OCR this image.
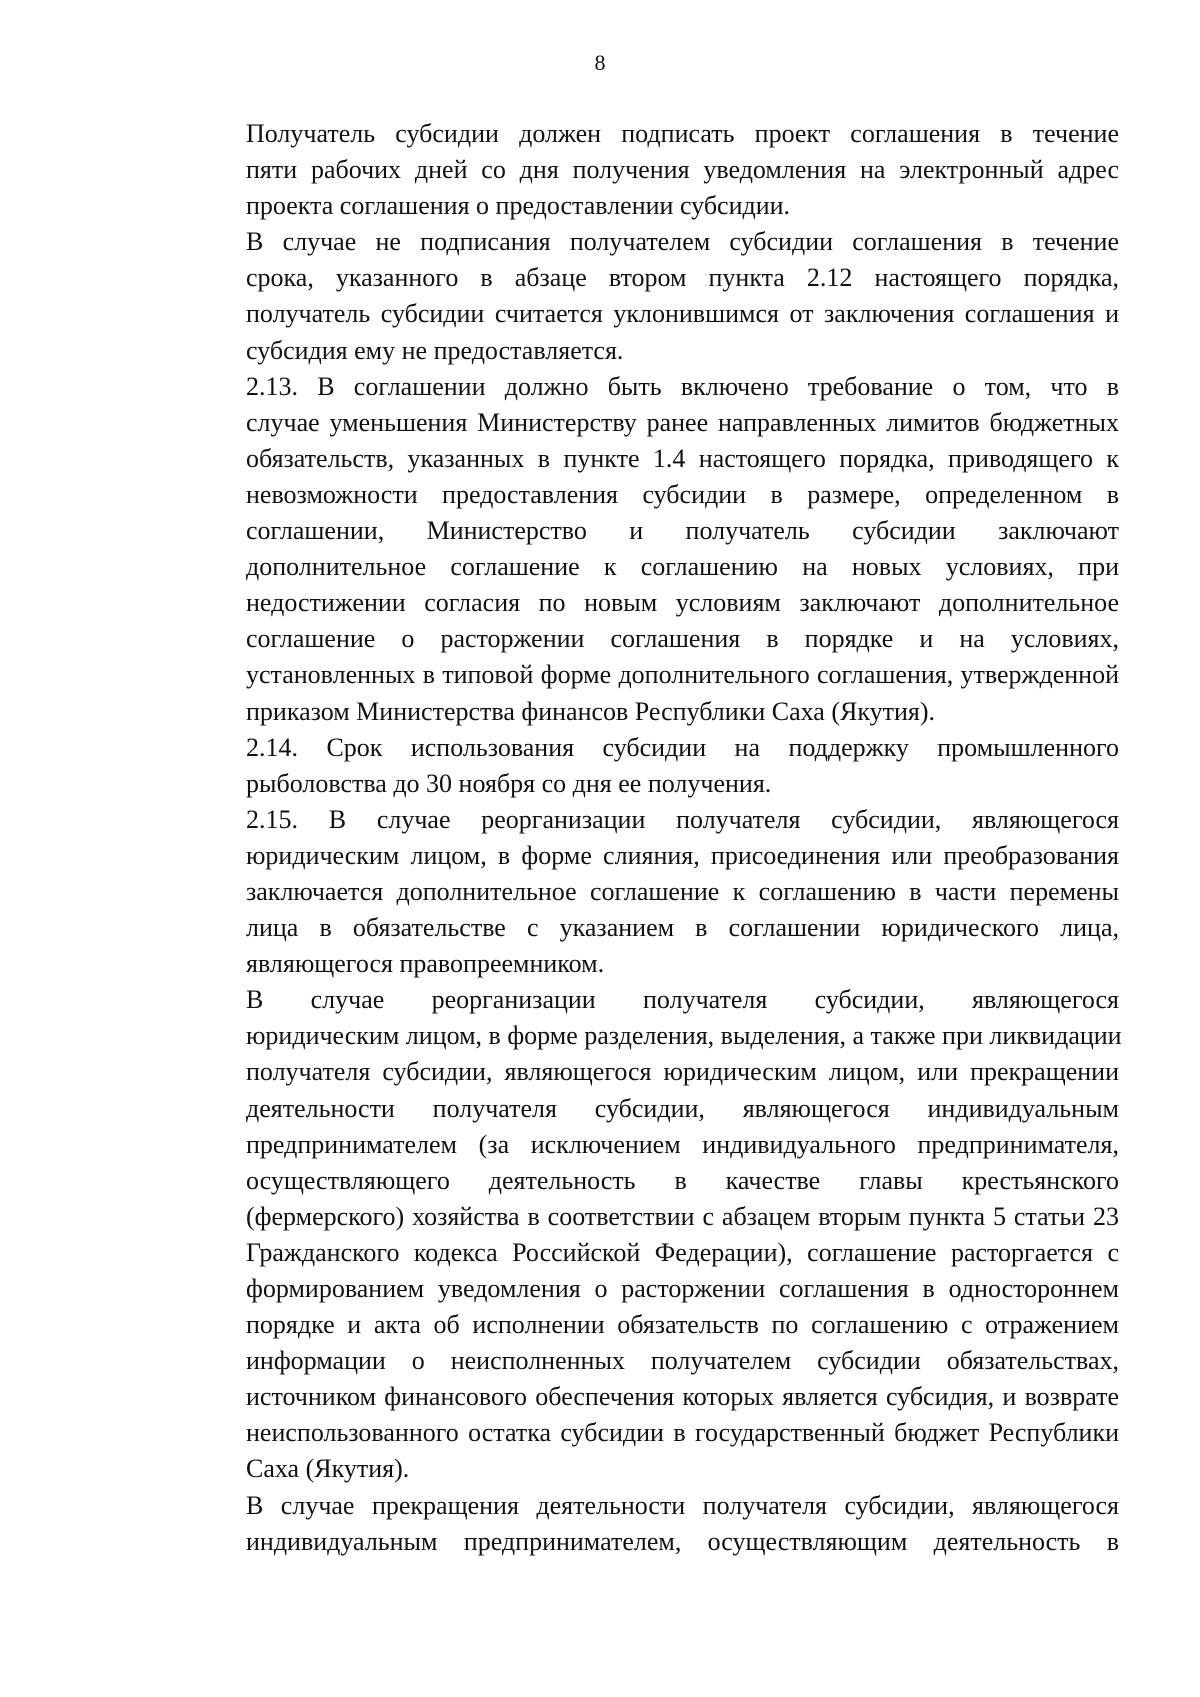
8
Получатель субсидии должен подписать проект соглашения в течение
пяти рабочих дней со дня получения уведомления на электронный адрес
проекта соглашения о предоставлении субсидии.
В случае не подписания получателем субсидии соглашения в течение
срока, указанного в абзаце втором пункта 2.12 настоящего порядка,
получатель субсидии считается уклонившимся от заключения соглашения и
субсидия ему не предоставляется.
2.13. В соглашении должно быть включено требование о том, что в
случае уменьшения Министерству ранее направленных лимитов бюджетных
обязательств, указанных в пункте 1.4 настоящего порядка, приводящего к
невозможности предоставления субсидии в размере, определенном в
соглашении, Министерство и получатель субсидии заключают
дополнительное соглашение к соглашению на новых условиях, при
недостижении согласия по новым условиям заключают дополнительное
соглашение о расторжении соглашения в порядке и на условиях,
установленных в типовой форме дополнительного соглашения, утвержденной
приказом Министерства финансов Республики Саха (Якутия).
2.14. Срок использования субсидии на поддержку промышленного
рыболовства до 30 ноября со дня ее получения.
2.15. В случае реорганизации получателя субсидии, являющегося
юридическим лицом, в форме слияния, присоединения или преобразования
заключается дополнительное соглашение к соглашению в части перемены
лица в обязательстве с указанием в соглашении юридического лица,
являющегося правопреемником.
В случае реорганизации получателя субсидии, являющегося
юридическим лицом, в форме разделения, выделения, а также при ликвидации
получателя субсидии, являющегося юридическим лицом, или прекращении
деятельности получателя субсидии, являющегося индивидуальным
предпринимателем (за исключением индивидуального предпринимателя,
осуществляющего деятельность в качестве главы крестьянского
(фермерского) хозяйства в соответствии с абзацем вторым пункта 5 статьи 23
Гражданского кодекса Российской Федерации), соглашение расторгается с
формированием уведомления о расторжении соглашения в одностороннем
порядке и акта об исполнении обязательств по соглашению с отражением
информации о неисполненных получателем субсидии обязательствах,
источником финансового обеспечения которых является субсидия, и возврате
неиспользованного остатка субсидии в государственный бюджет Республики
Саха (Якутия).
В случае прекращения деятельности получателя субсидии, являющегося
индивидуальным предпринимателем, осуществляющим деятельность в
